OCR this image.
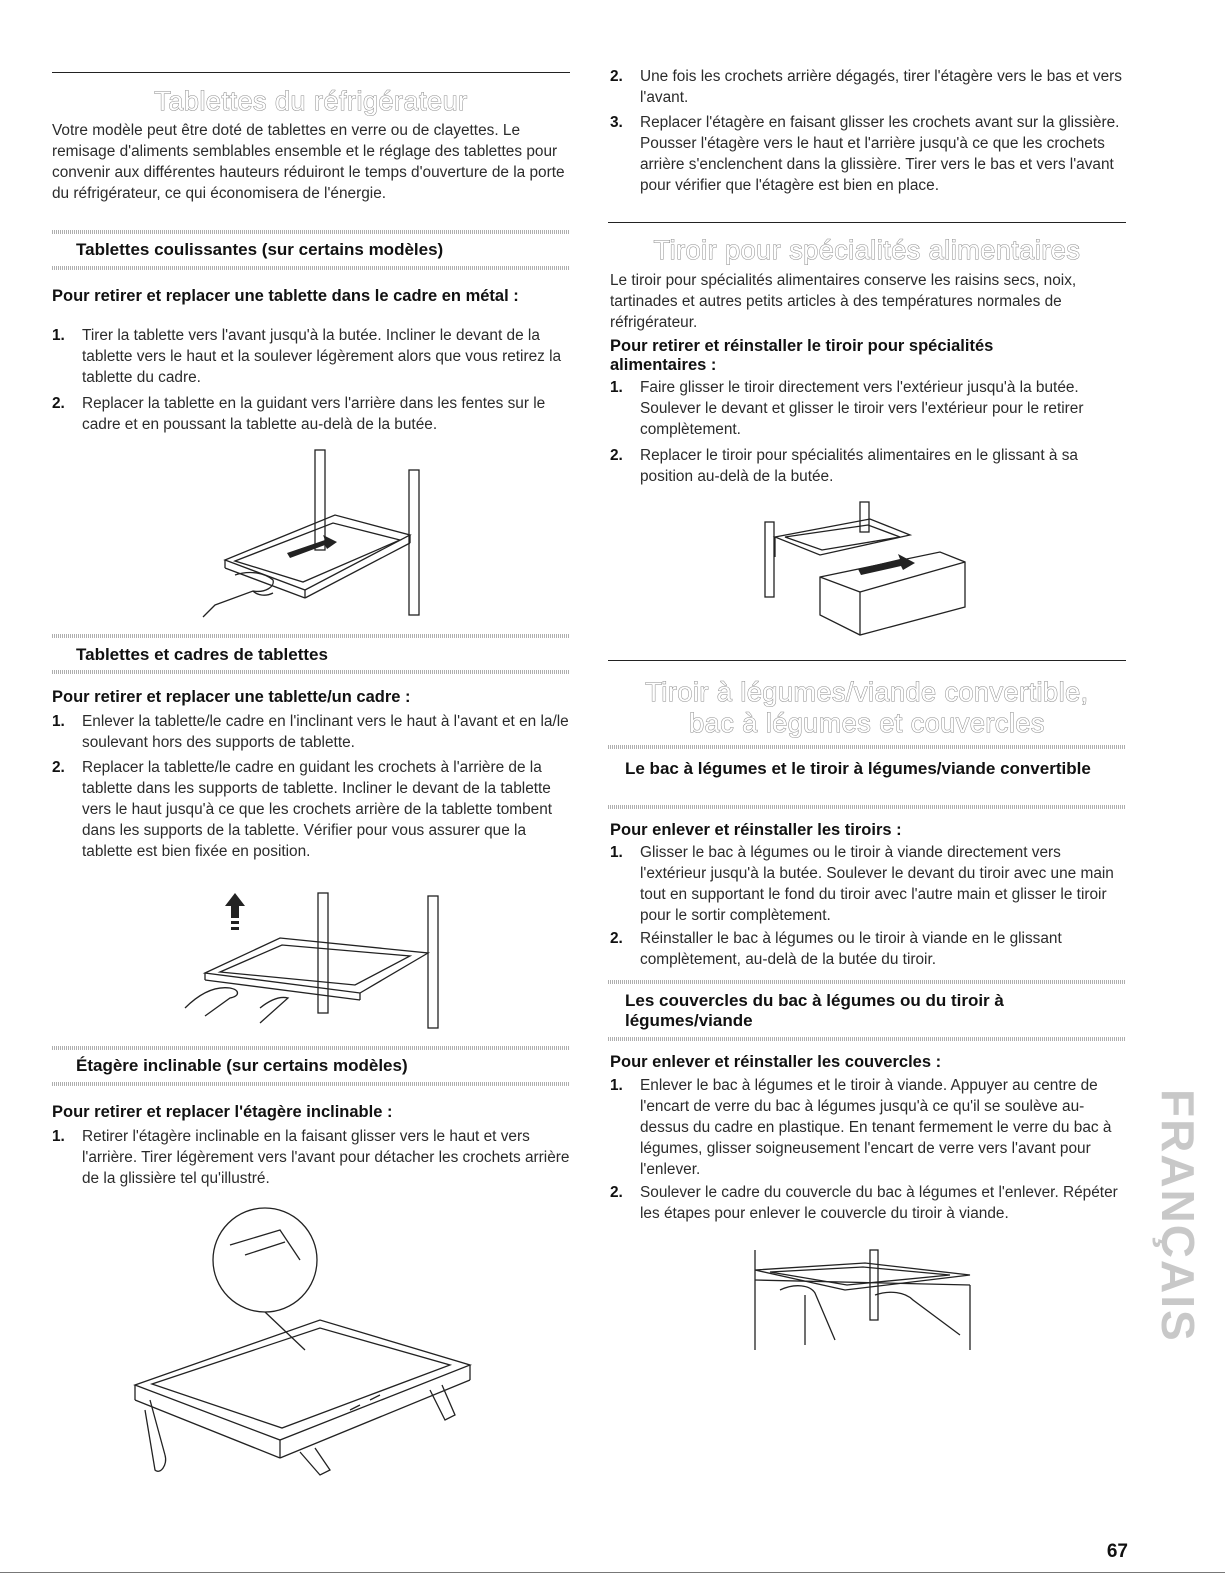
Tablettes du réfrigérateur
Votre modèle peut être doté de tablettes en verre ou de clayettes. Le remisage d'aliments semblables ensemble et le réglage des tablettes pour convenir aux différentes hauteurs réduiront le temps d'ouverture de la porte du réfrigérateur, ce qui économisera de l'énergie.
Tablettes coulissantes (sur certains modèles)
Pour retirer et replacer une tablette dans le cadre en métal :
1. Tirer la tablette vers l'avant jusqu'à la butée. Incliner le devant de la tablette vers le haut et la soulever légèrement alors que vous retirez la tablette du cadre.
2. Replacer la tablette en la guidant vers l'arrière dans les fentes sur le cadre et en poussant la tablette au-delà de la butée.
Tablettes et cadres de tablettes
Pour retirer et replacer une tablette/un cadre :
1. Enlever la tablette/le cadre en l'inclinant vers le haut à l'avant et en la/le soulevant hors des supports de tablette.
2. Replacer la tablette/le cadre en guidant les crochets à l'arrière de la tablette dans les supports de tablette. Incliner le devant de la tablette vers le haut jusqu'à ce que les crochets arrière de la tablette tombent dans les supports de la tablette. Vérifier pour vous assurer que la tablette est bien fixée en position.
Étagère inclinable (sur certains modèles)
Pour retirer et replacer l'étagère inclinable :
1. Retirer l'étagère inclinable en la faisant glisser vers le haut et vers l'arrière. Tirer légèrement vers l'avant pour détacher les crochets arrière de la glissière tel qu'illustré.
2. Une fois les crochets arrière dégagés, tirer l'étagère vers le bas et vers l'avant.
3. Replacer l'étagère en faisant glisser les crochets avant sur la glissière. Pousser l'étagère vers le haut et l'arrière jusqu'à ce que les crochets arrière s'enclenchent dans la glissière. Tirer vers le bas et vers l'avant pour vérifier que l'étagère est bien en place.
Tiroir pour spécialités alimentaires
Le tiroir pour spécialités alimentaires conserve les raisins secs, noix, tartinades et autres petits articles à des températures normales de réfrigérateur.
Pour retirer et réinstaller le tiroir pour spécialités alimentaires :
1. Faire glisser le tiroir directement vers l'extérieur jusqu'à la butée. Soulever le devant et glisser le tiroir vers l'extérieur pour le retirer complètement.
2. Replacer le tiroir pour spécialités alimentaires en le glissant à sa position au-delà de la butée.
Tiroir à légumes/viande convertible,
bac à légumes et couvercles
Le bac à légumes et le tiroir à légumes/viande convertible
Pour enlever et réinstaller les tiroirs :
1. Glisser le bac à légumes ou le tiroir à viande directement vers l'extérieur jusqu'à la butée. Soulever le devant du tiroir avec une main tout en supportant le fond du tiroir avec l'autre main et glisser le tiroir pour le sortir complètement.
2. Réinstaller le bac à légumes ou le tiroir à viande en le glissant complètement, au-delà de la butée du tiroir.
Les couvercles du bac à légumes ou du tiroir à légumes/viande
Pour enlever et réinstaller les couvercles :
1. Enlever le bac à légumes et le tiroir à viande. Appuyer au centre de l'encart de verre du bac à légumes jusqu'à ce qu'il se soulève au-dessus du cadre en plastique. En tenant fermement le verre du bac à légumes, glisser soigneusement l'encart de verre vers l'avant pour l'enlever.
2. Soulever le cadre du couvercle du bac à légumes et l'enlever. Répéter les étapes pour enlever le couvercle du tiroir à viande.	FRANÇAIS
67
